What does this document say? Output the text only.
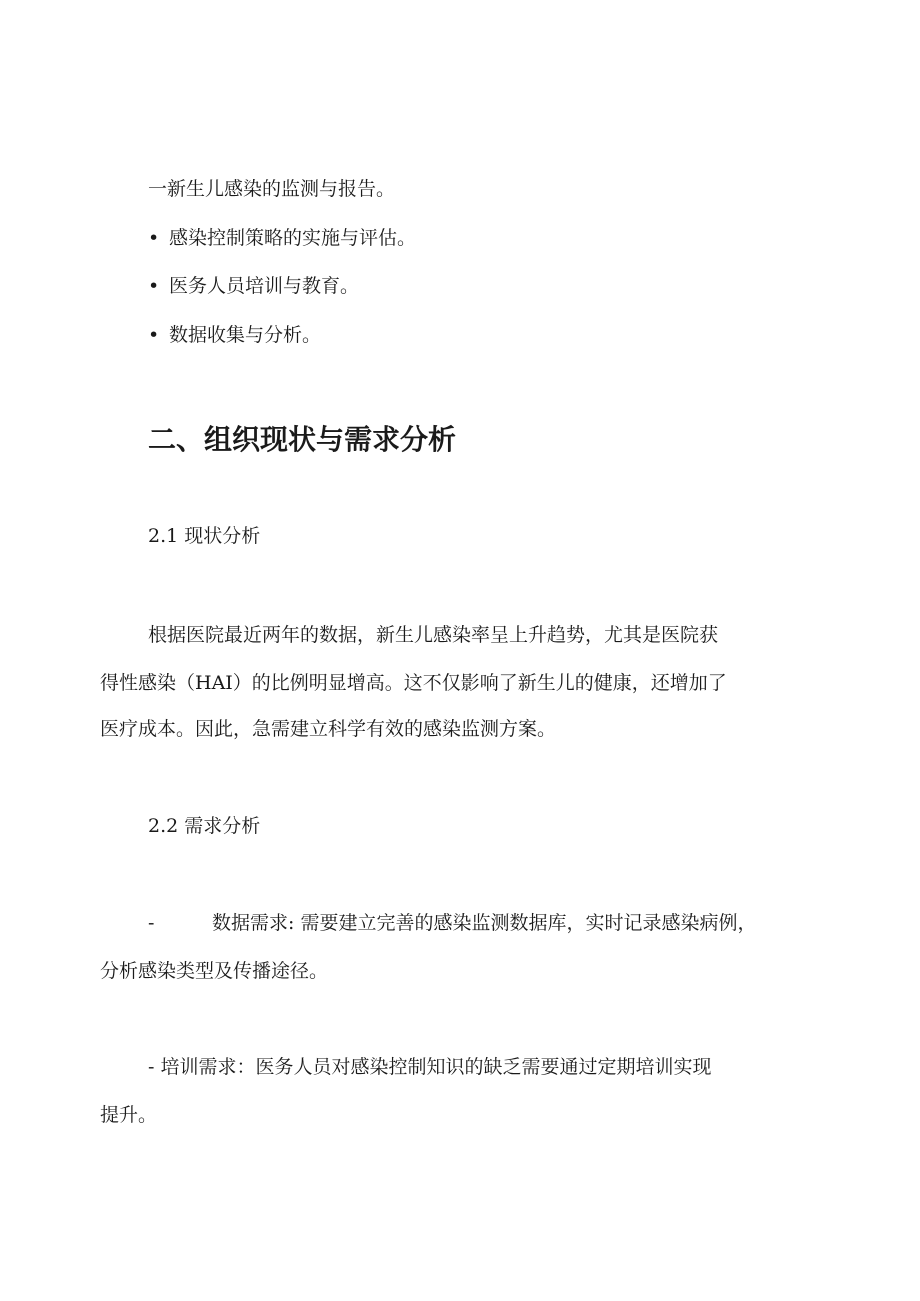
一新生儿感染的监测与报告。
• 感染控制策略的实施与评估。
• 医务人员培训与教育。
• 数据收集与分析。
二、组织现状与需求分析
2.1 现状分析
根据医院最近两年的数据，新生儿感染率呈上升趋势，尤其是医院获
得性感染（HAI）的比例明显增高。这不仅影响了新生儿的健康，还增加了
医疗成本。因此，急需建立科学有效的感染监测方案。
2.2 需求分析
-	数据需求: 需要建立完善的感染监测数据库，实时记录感染病例，
分析感染类型及传播途径。
- 培训需求：医务人员对感染控制知识的缺乏需要通过定期培训实现
提升。
